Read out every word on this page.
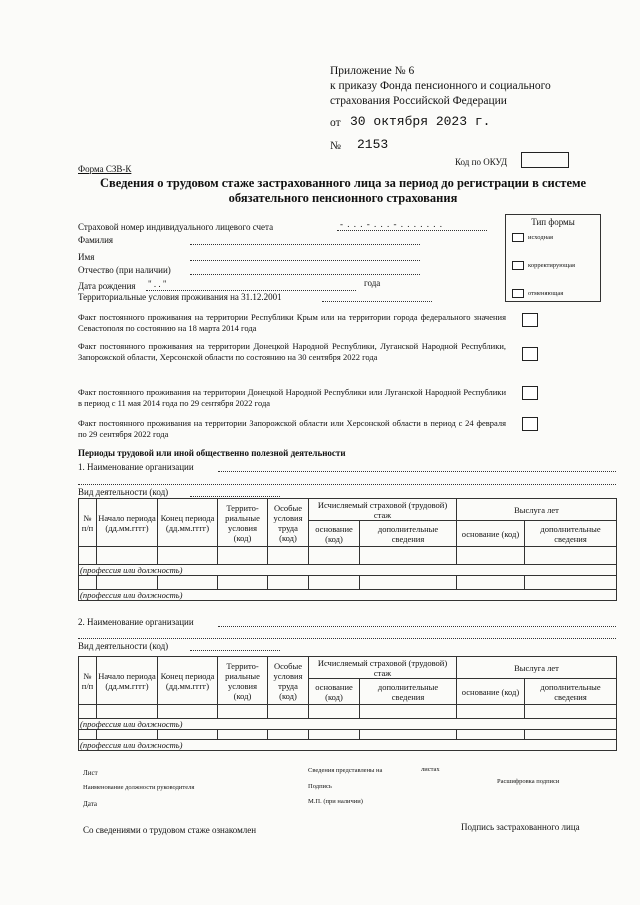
Приложение № 6
к приказу Фонда пенсионного и социального
страхования Российской Федерации
от 30 октября 2023 г.
№ 2153
Форма СЗВ-К
Код по ОКУД
Сведения о трудовом стаже застрахованного лица за период до регистрации в системе обязательного пенсионного страхования
Страховой номер индивидуального лицевого счета	- . . . - . . . - . . . . . . .
Фамилия
Имя
Отчество (при наличии)
Дата рождения " . . "	года
Территориальные условия проживания на 31.12.2001
Тип формы
исходная
корректирующая
отменяющая
Факт постоянного проживания на территории Республики Крым или на территории города федерального значения Севастополя по состоянию на 18 марта 2014 года
Факт постоянного проживания на территории Донецкой Народной Республики, Луганской Народной Республики, Запорожской области, Херсонской области по состоянию на 30 сентября 2022 года
Факт постоянного проживания на территории Донецкой Народной Республики или Луганской Народной Республики в период с 11 мая 2014 года по 29 сентября 2022 года
Факт постоянного проживания на территории Запорожской области или Херсонской области в период с 24 февраля по 29 сентября 2022 года
Периоды трудовой или иной общественно полезной деятельности
1. Наименование организации
Вид деятельности (код)
№ п/п	Начало периода (дд.мм.гггг)	Конец периода (дд.мм.гггг)	Террито-риальные условия (код)	Особые условия труда (код)	Исчисляемый страховой (трудовой) стаж		Выслуга лет	
					основание (код)	дополнительные сведения	основание (код)	дополнительные сведения

(профессия или должность)								

(профессия или должность)								
2. Наименование организации
Вид деятельности (код)
№ п/п	Начало периода (дд.мм.гггг)	Конец периода (дд.мм.гггг)	Террито-риальные условия (код)	Особые условия труда (код)	Исчисляемый страховой (трудовой) стаж		Выслуга лет	
					основание (код)	дополнительные сведения	основание (код)	дополнительные сведения

(профессия или должность)								

(профессия или должность)								
Лист
Наименование должности руководителя
Дата
Сведения представлены на	листах
Подпись
М.П. (при наличии)
Расшифровка подписи
Со сведениями о трудовом стаже ознакомлен	Подпись застрахованного лица
